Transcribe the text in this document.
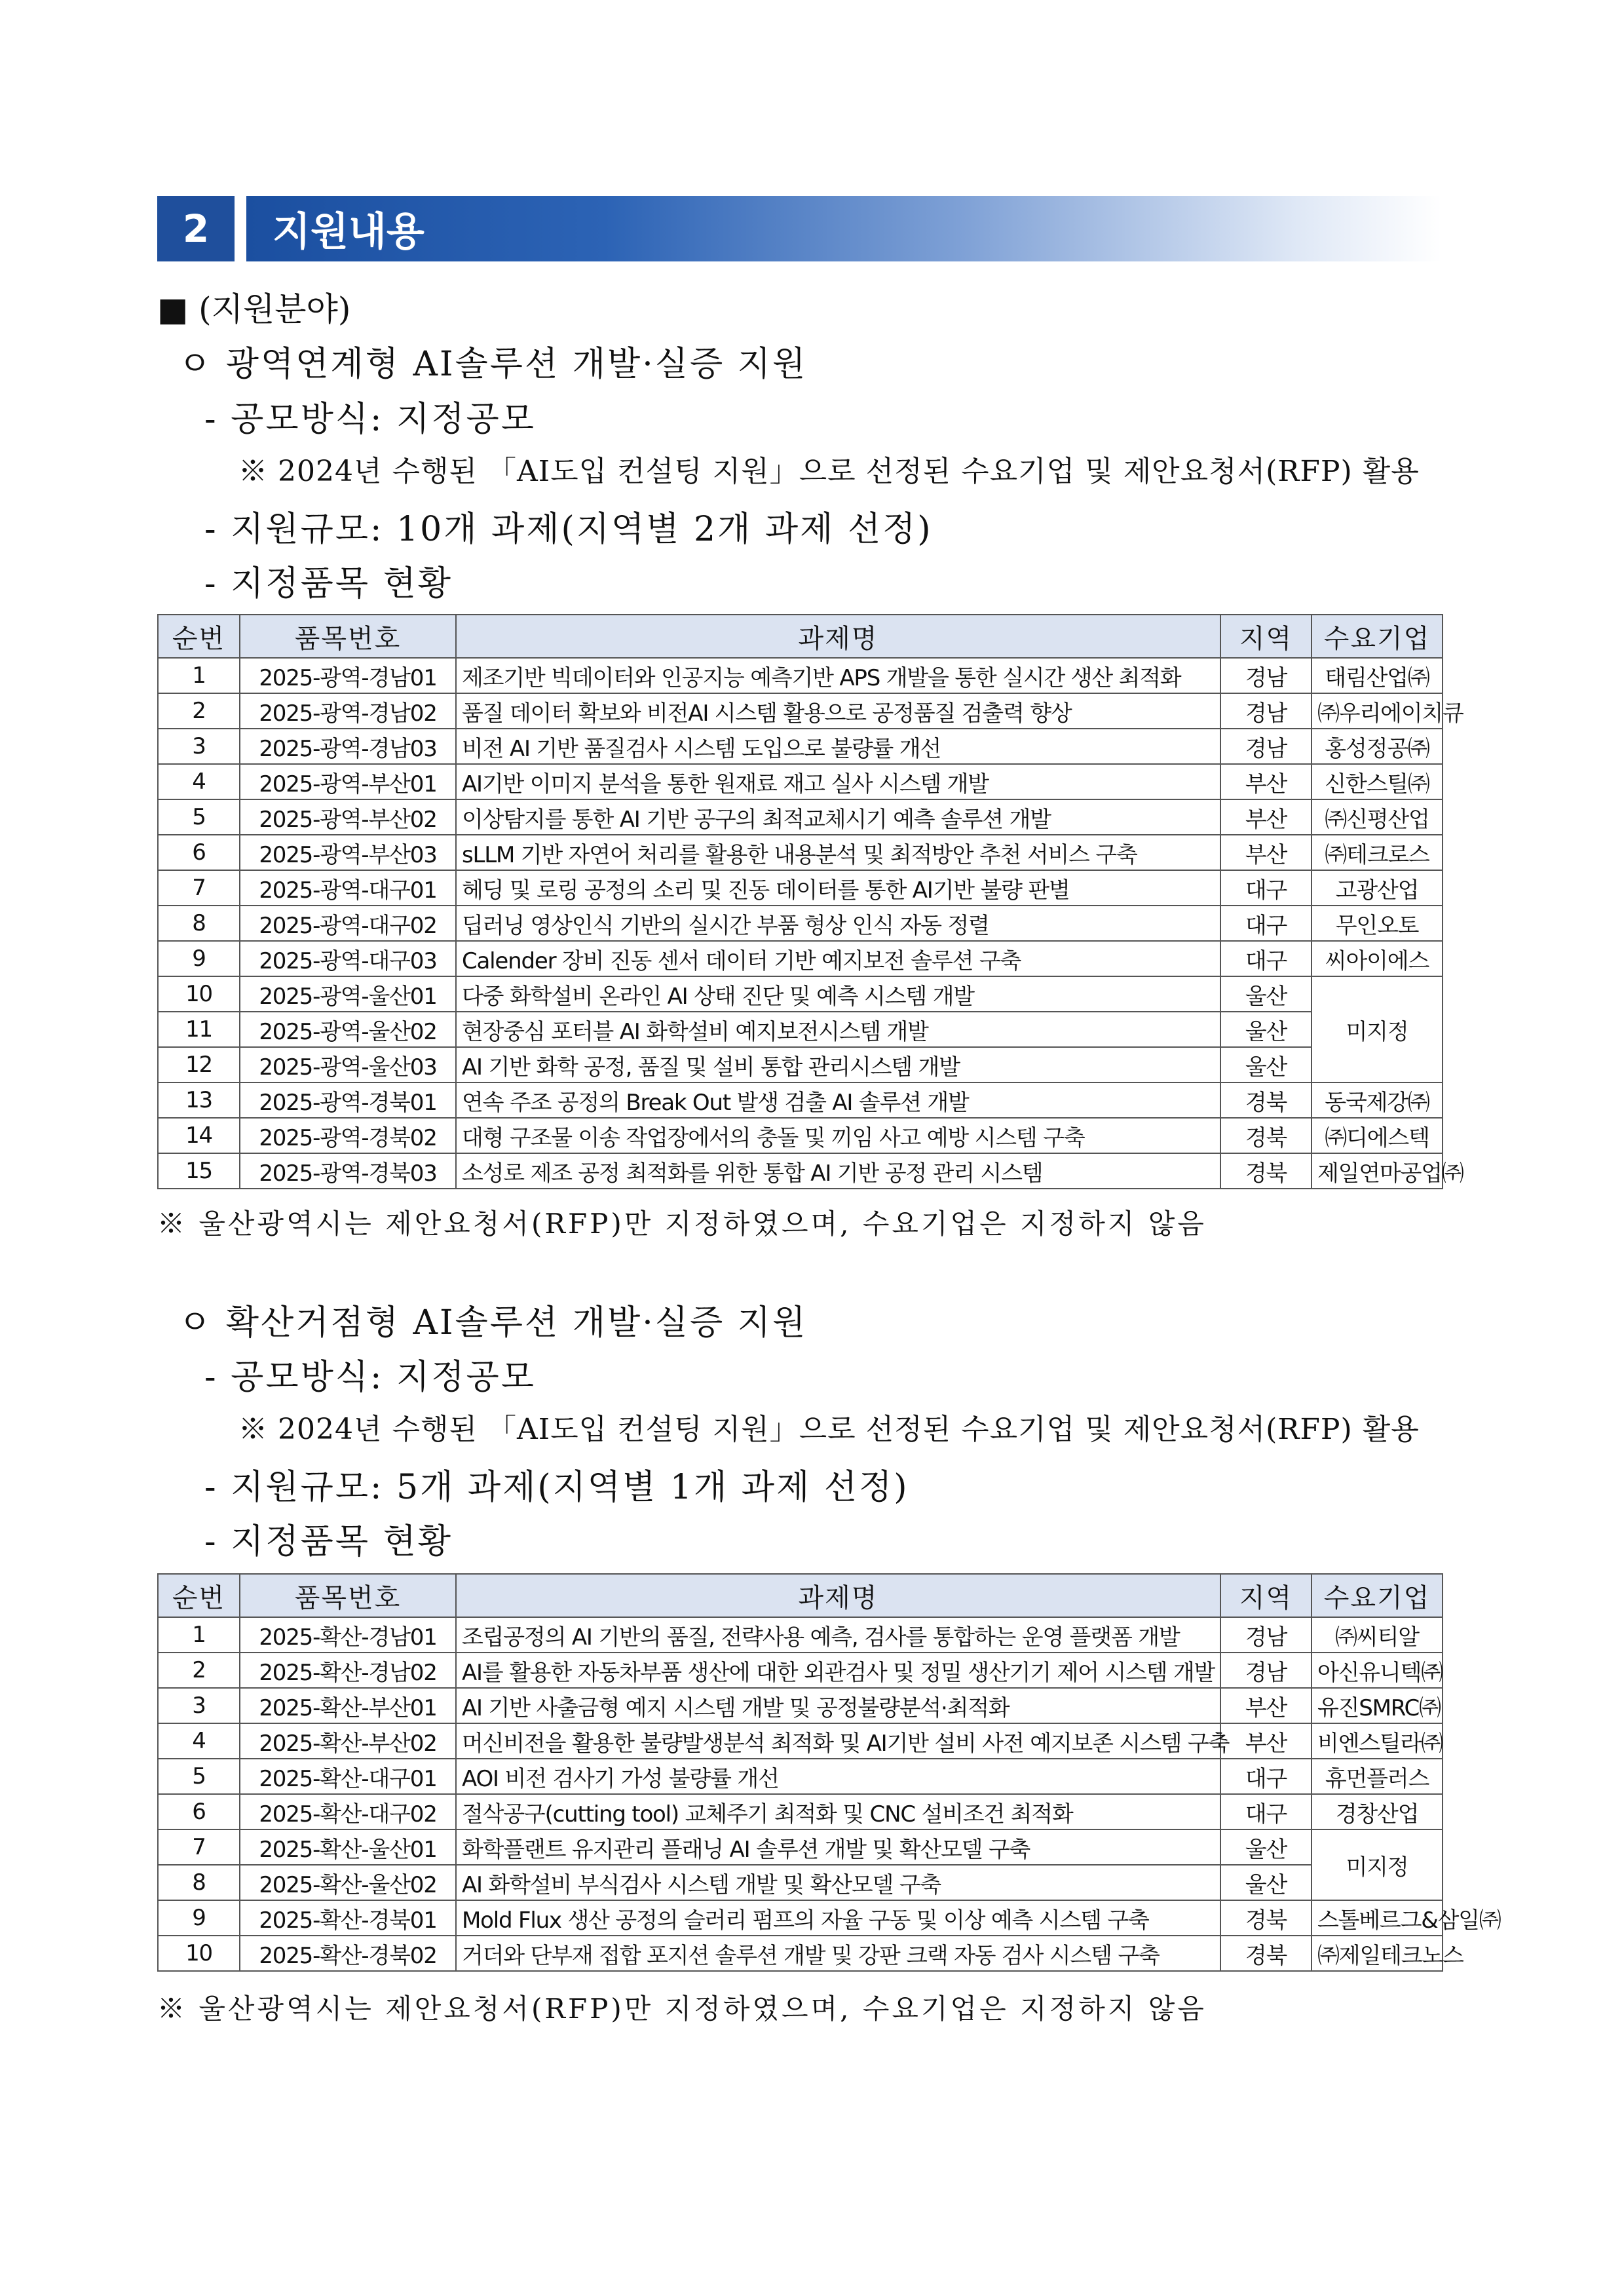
2	지원내용
■ (지원분야)
ㅇ 광역연계형 AI솔루션 개발·실증 지원
- 공모방식: 지정공모
※ 2024년 수행된 「AI도입 컨설팅 지원」으로 선정된 수요기업 및 제안요청서(RFP) 활용
- 지원규모: 10개 과제(지역별 2개 과제 선정)
- 지정품목 현황
순번	품목번호	과제명	지역	수요기업
1	2025-광역-경남01	제조기반 빅데이터와 인공지능 예측기반 APS 개발을 통한 실시간 생산 최적화	경남	태림산업㈜
2	2025-광역-경남02	품질 데이터 확보와 비전AI 시스템 활용으로 공정품질 검출력 향상	경남	㈜우리에이치큐
3	2025-광역-경남03	비전 AI 기반 품질검사 시스템 도입으로 불량률 개선	경남	홍성정공㈜
4	2025-광역-부산01	AI기반 이미지 분석을 통한 원재료 재고 실사 시스템 개발	부산	신한스틸㈜
5	2025-광역-부산02	이상탐지를 통한 AI 기반 공구의 최적교체시기 예측 솔루션 개발	부산	㈜신평산업
6	2025-광역-부산03	sLLM 기반 자연어 처리를 활용한 내용분석 및 최적방안 추천 서비스 구축	부산	㈜테크로스
7	2025-광역-대구01	헤딩 및 로링 공정의 소리 및 진동 데이터를 통한 AI기반 불량 판별	대구	고광산업
8	2025-광역-대구02	딥러닝 영상인식 기반의 실시간 부품 형상 인식 자동 정렬	대구	무인오토
9	2025-광역-대구03	Calender 장비 진동 센서 데이터 기반 예지보전 솔루션 구축	대구	씨아이에스
10	2025-광역-울산01	다중 화학설비 온라인 AI 상태 진단 및 예측 시스템 개발	울산	미지정
11	2025-광역-울산02	현장중심 포터블 AI 화학설비 예지보전시스템 개발	울산	
12	2025-광역-울산03	AI 기반 화학 공정, 품질 및 설비 통합 관리시스템 개발	울산	
13	2025-광역-경북01	연속 주조 공정의 Break Out 발생 검출 AI 솔루션 개발	경북	동국제강㈜
14	2025-광역-경북02	대형 구조물 이송 작업장에서의 충돌 및 끼임 사고 예방 시스템 구축	경북	㈜디에스텍
15	2025-광역-경북03	소성로 제조 공정 최적화를 위한 통합 AI 기반 공정 관리 시스템	경북	제일연마공업㈜
※ 울산광역시는 제안요청서(RFP)만 지정하였으며, 수요기업은 지정하지 않음
ㅇ 확산거점형 AI솔루션 개발·실증 지원
- 공모방식: 지정공모
※ 2024년 수행된 「AI도입 컨설팅 지원」으로 선정된 수요기업 및 제안요청서(RFP) 활용
- 지원규모: 5개 과제(지역별 1개 과제 선정)
- 지정품목 현황
순번	품목번호	과제명	지역	수요기업
1	2025-확산-경남01	조립공정의 AI 기반의 품질, 전략사용 예측, 검사를 통합하는 운영 플랫폼 개발	경남	㈜씨티알
2	2025-확산-경남02	AI를 활용한 자동차부품 생산에 대한 외관검사 및 정밀 생산기기 제어 시스템 개발	경남	아신유니텍㈜
3	2025-확산-부산01	AI 기반 사출금형 예지 시스템 개발 및 공정불량분석·최적화	부산	유진SMRC㈜
4	2025-확산-부산02	머신비전을 활용한 불량발생분석 최적화 및 AI기반 설비 사전 예지보존 시스템 구축	부산	비엔스틸라㈜
5	2025-확산-대구01	AOI 비전 검사기 가성 불량률 개선	대구	휴먼플러스
6	2025-확산-대구02	절삭공구(cutting tool) 교체주기 최적화 및 CNC 설비조건 최적화	대구	경창산업
7	2025-확산-울산01	화학플랜트 유지관리 플래닝 AI 솔루션 개발 및 확산모델 구축	울산	미지정
8	2025-확산-울산02	AI 화학설비 부식검사 시스템 개발 및 확산모델 구축	울산	
9	2025-확산-경북01	Mold Flux 생산 공정의 슬러리 펌프의 자율 구동 및 이상 예측 시스템 구축	경북	스톨베르그&삼일㈜
10	2025-확산-경북02	거더와 단부재 접합 포지션 솔루션 개발 및 강판 크랙 자동 검사 시스템 구축	경북	㈜제일테크노스
※ 울산광역시는 제안요청서(RFP)만 지정하였으며, 수요기업은 지정하지 않음
